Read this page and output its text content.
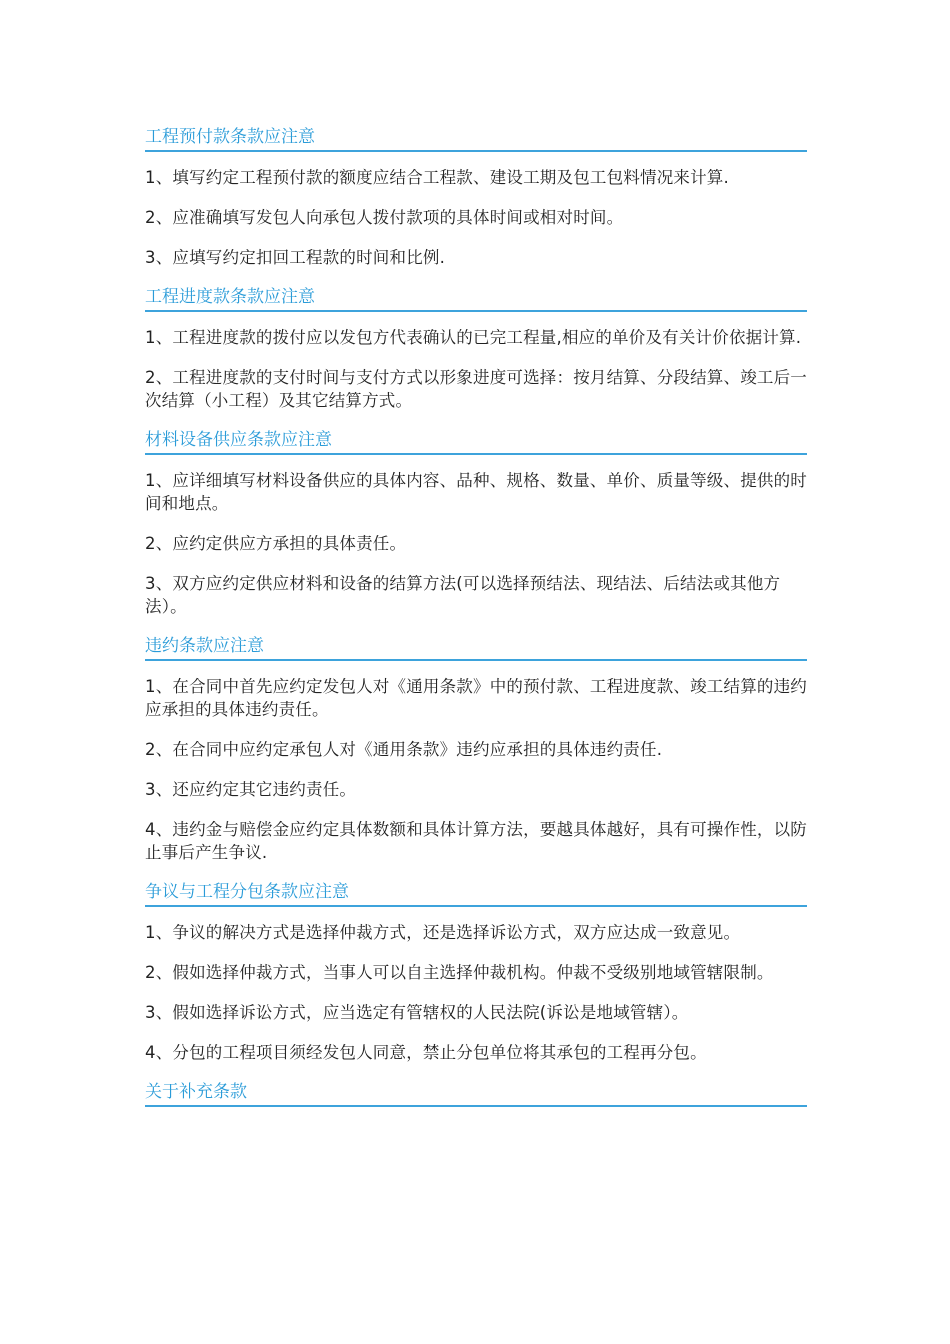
工程预付款条款应注意

1、填写约定工程预付款的额度应结合工程款、建设工期及包工包料情况来计算.

2、应准确填写发包人向承包人拨付款项的具体时间或相对时间。

3、应填写约定扣回工程款的时间和比例.

工程进度款条款应注意

1、工程进度款的拨付应以发包方代表确认的已完工程量,相应的单价及有关计价依据计算.

2、工程进度款的支付时间与支付方式以形象进度可选择：按月结算、分段结算、竣工后一次结算（小工程）及其它结算方式。

材料设备供应条款应注意

1、应详细填写材料设备供应的具体内容、品种、规格、数量、单价、质量等级、提供的时间和地点。

2、应约定供应方承担的具体责任。

3、双方应约定供应材料和设备的结算方法(可以选择预结法、现结法、后结法或其他方法）。

违约条款应注意

1、在合同中首先应约定发包人对《通用条款》中的预付款、工程进度款、竣工结算的违约应承担的具体违约责任。

2、在合同中应约定承包人对《通用条款》违约应承担的具体违约责任.

3、还应约定其它违约责任。

4、违约金与赔偿金应约定具体数额和具体计算方法，要越具体越好，具有可操作性，以防止事后产生争议.

争议与工程分包条款应注意

1、争议的解决方式是选择仲裁方式，还是选择诉讼方式，双方应达成一致意见。

2、假如选择仲裁方式，当事人可以自主选择仲裁机构。仲裁不受级别地域管辖限制。

3、假如选择诉讼方式，应当选定有管辖权的人民法院(诉讼是地域管辖）。

4、分包的工程项目须经发包人同意，禁止分包单位将其承包的工程再分包。

关于补充条款
